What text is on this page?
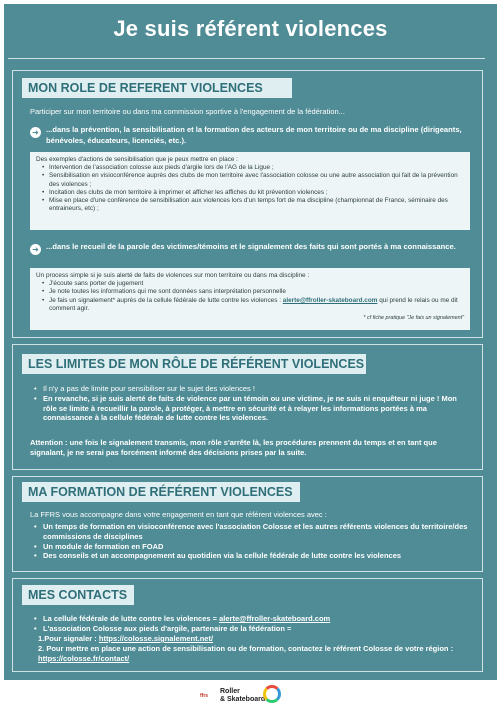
Je suis référent violences
MON ROLE DE REFERENT VIOLENCES
Participer sur mon territoire ou dans ma commission sportive à l'engagement de la fédération...
➜ ...dans la prévention, la sensibilisation et la formation des acteurs de mon territoire ou de ma discipline (dirigeants, bénévoles, éducateurs, licenciés, etc.).
Des exemples d'actions de sensibilisation que je peux mettre en place :
• Intervention de l'association colosse aux pieds d'argile lors de l'AG de la Ligue ;
• Sensibilisation en visioconférence auprès des clubs de mon territoire avec l'association colosse ou une autre association qui fait de la prévention des violences ;
• Incitation des clubs de mon territoire à imprimer et afficher les affiches du kit prévention violences ;
• Mise en place d'une conférence de sensibilisation aux violences lors d'un temps fort de ma discipline (championnat de France, séminaire des entraineurs, etc) ;
➜ ...dans le recueil de la parole des victimes/témoins et le signalement des faits qui sont portés à ma connaissance.
Un process simple si je suis alerté de faits de violences sur mon territoire ou dans ma discipline :
• J'écoute sans porter de jugement
• Je note toutes les informations qui me sont données sans interprétation personnelle
• Je fais un signalement* auprès de la cellule fédérale de lutte contre les violences : alerte@ffroller-skateboard.com qui prend le relais ou me dit comment agir.
* cf fiche pratique "Je fais un signalement"
LES LIMITES DE MON RÔLE DE RÉFÉRENT VIOLENCES
• Il n'y a pas de limite pour sensibiliser sur le sujet des violences !
• En revanche, si je suis alerté de faits de violence par un témoin ou une victime, je ne suis ni enquêteur ni juge ! Mon rôle se limite à recueillir la parole, à protéger, à mettre en sécurité et à relayer les informations portées à ma connaissance à la cellule fédérale de lutte contre les violences.
Attention : une fois le signalement transmis, mon rôle s'arrête là, les procédures prennent du temps et en tant que signalant, je ne serai pas forcément informé des décisions prises par la suite.
MA FORMATION DE RÉFÉRENT VIOLENCES
La FFRS vous accompagne dans votre engagement en tant que référent violences avec :
• Un temps de formation en visioconférence avec l'association Colosse et les autres référents violences du territoire/des commissions de disciplines
• Un module de formation en FOAD
• Des conseils et un accompagnement au quotidien via la cellule fédérale de lutte contre les violences
MES CONTACTS
• La cellule fédérale de lutte contre les violences = alerte@ffroller-skateboard.com
• L'association Colosse aux pieds d'argile, partenaire de la fédération =
1.Pour signaler : https://colosse.signalement.net/
2. Pour mettre en place une action de sensibilisation ou de formation, contactez le référent Colosse de votre région : https://colosse.fr/contact/
ffrs
Roller
& Skateboard
